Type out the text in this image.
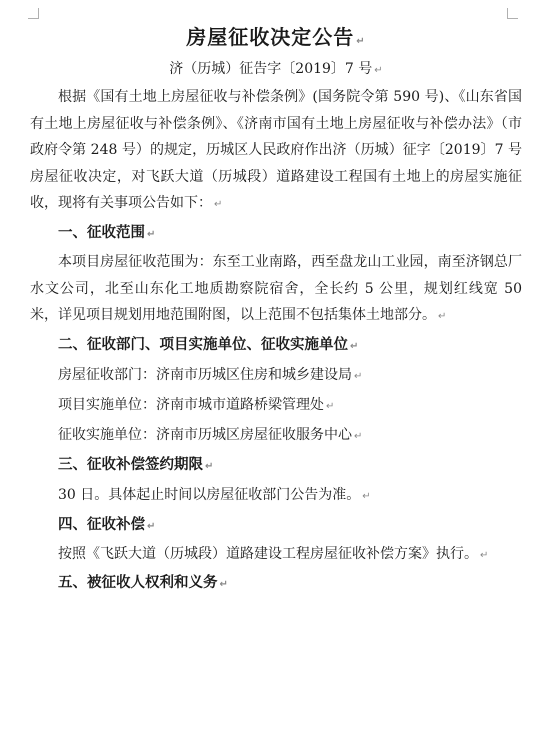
房屋征收决定公告 ↵
济（历城）征告字〔2019〕7 号 ↵

根据《国有土地上房屋征收与补偿条例》(国务院令第 590 号)、《山东省国有土地上房屋征收与补偿条例》、《济南市国有土地上房屋征收与补偿办法》（市政府令第 248 号）的规定，历城区人民政府作出济（历城）征字〔2019〕7 号房屋征收决定，对飞跃大道（历城段）道路建设工程国有土地上的房屋实施征收，现将有关事项公告如下： ↵

一、征收范围 ↵

本项目房屋征收范围为：东至工业南路，西至盘龙山工业园，南至济钢总厂水文公司，北至山东化工地质勘察院宿舍，全长约 5 公里，规划红线宽 50 米，详见项目规划用地范围附图，以上范围不包括集体土地部分。 ↵

二、征收部门、项目实施单位、征收实施单位 ↵

房屋征收部门：济南市历城区住房和城乡建设局 ↵

项目实施单位：济南市城市道路桥梁管理处 ↵

征收实施单位：济南市历城区房屋征收服务中心 ↵

三、征收补偿签约期限 ↵

30 日。具体起止时间以房屋征收部门公告为准。 ↵

四、征收补偿 ↵

按照《飞跃大道（历城段）道路建设工程房屋征收补偿方案》执行。 ↵

五、被征收人权利和义务 ↵
